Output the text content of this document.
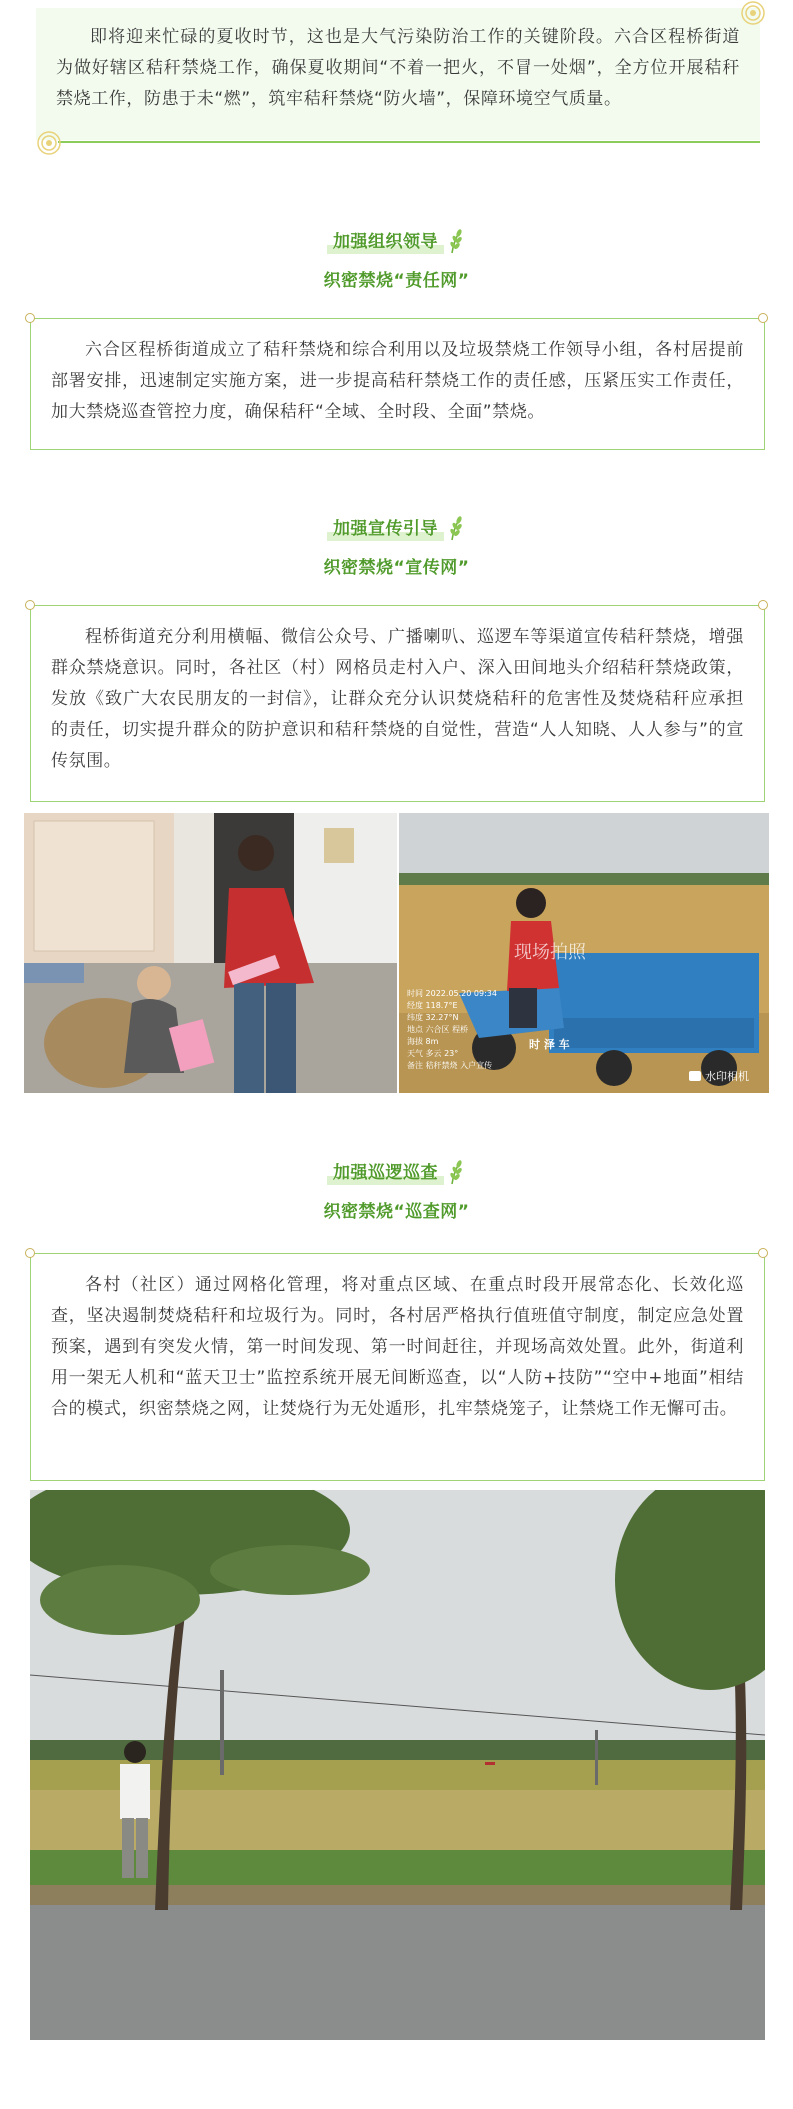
即将迎来忙碌的夏收时节，这也是大气污染防治工作的关键阶段。六合区程桥街道为做好辖区秸秆禁烧工作，确保夏收期间“不着一把火，不冒一处烟”，全方位开展秸秆禁烧工作，防患于未“燃”，筑牢秸秆禁烧“防火墙”，保障环境空气质量。

加强组织领导
织密禁烧“责任网”

六合区程桥街道成立了秸秆禁烧和综合利用以及垃圾禁烧工作领导小组，各村居提前部署安排，迅速制定实施方案，进一步提高秸秆禁烧工作的责任感，压紧压实工作责任，加大禁烧巡查管控力度，确保秸秆“全域、全时段、全面”禁烧。

加强宣传引导
织密禁烧“宣传网”

程桥街道充分利用横幅、微信公众号、广播喇叭、巡逻车等渠道宣传秸秆禁烧，增强群众禁烧意识。同时，各社区（村）网格员走村入户、深入田间地头介绍秸秆禁烧政策，发放《致广大农民朋友的一封信》，让群众充分认识焚烧秸秆的危害性及焚烧秸秆应承担的责任，切实提升群众的防护意识和秸秆禁烧的自觉性，营造“人人知晓、人人参与”的宣传氛围。

时 泽 车
现场拍照
时间 2022.05.20 09:34
经度 118.7°E
纬度 32.27°N
地点 六合区 程桥
海拔 8m
天气 多云 23°
备注 秸秆禁烧 入户宣传
水印相机
加强巡逻巡查
织密禁烧“巡查网”

各村（社区）通过网格化管理，将对重点区域、在重点时段开展常态化、长效化巡查，坚决遏制焚烧秸秆和垃圾行为。同时，各村居严格执行值班值守制度，制定应急处置预案，遇到有突发火情，第一时间发现、第一时间赶往，并现场高效处置。此外，街道利用一架无人机和“蓝天卫士”监控系统开展无间断巡查，以“人防+技防”“空中+地面”相结合的模式，织密禁烧之网，让焚烧行为无处遁形，扎牢禁烧笼子，让禁烧工作无懈可击。
